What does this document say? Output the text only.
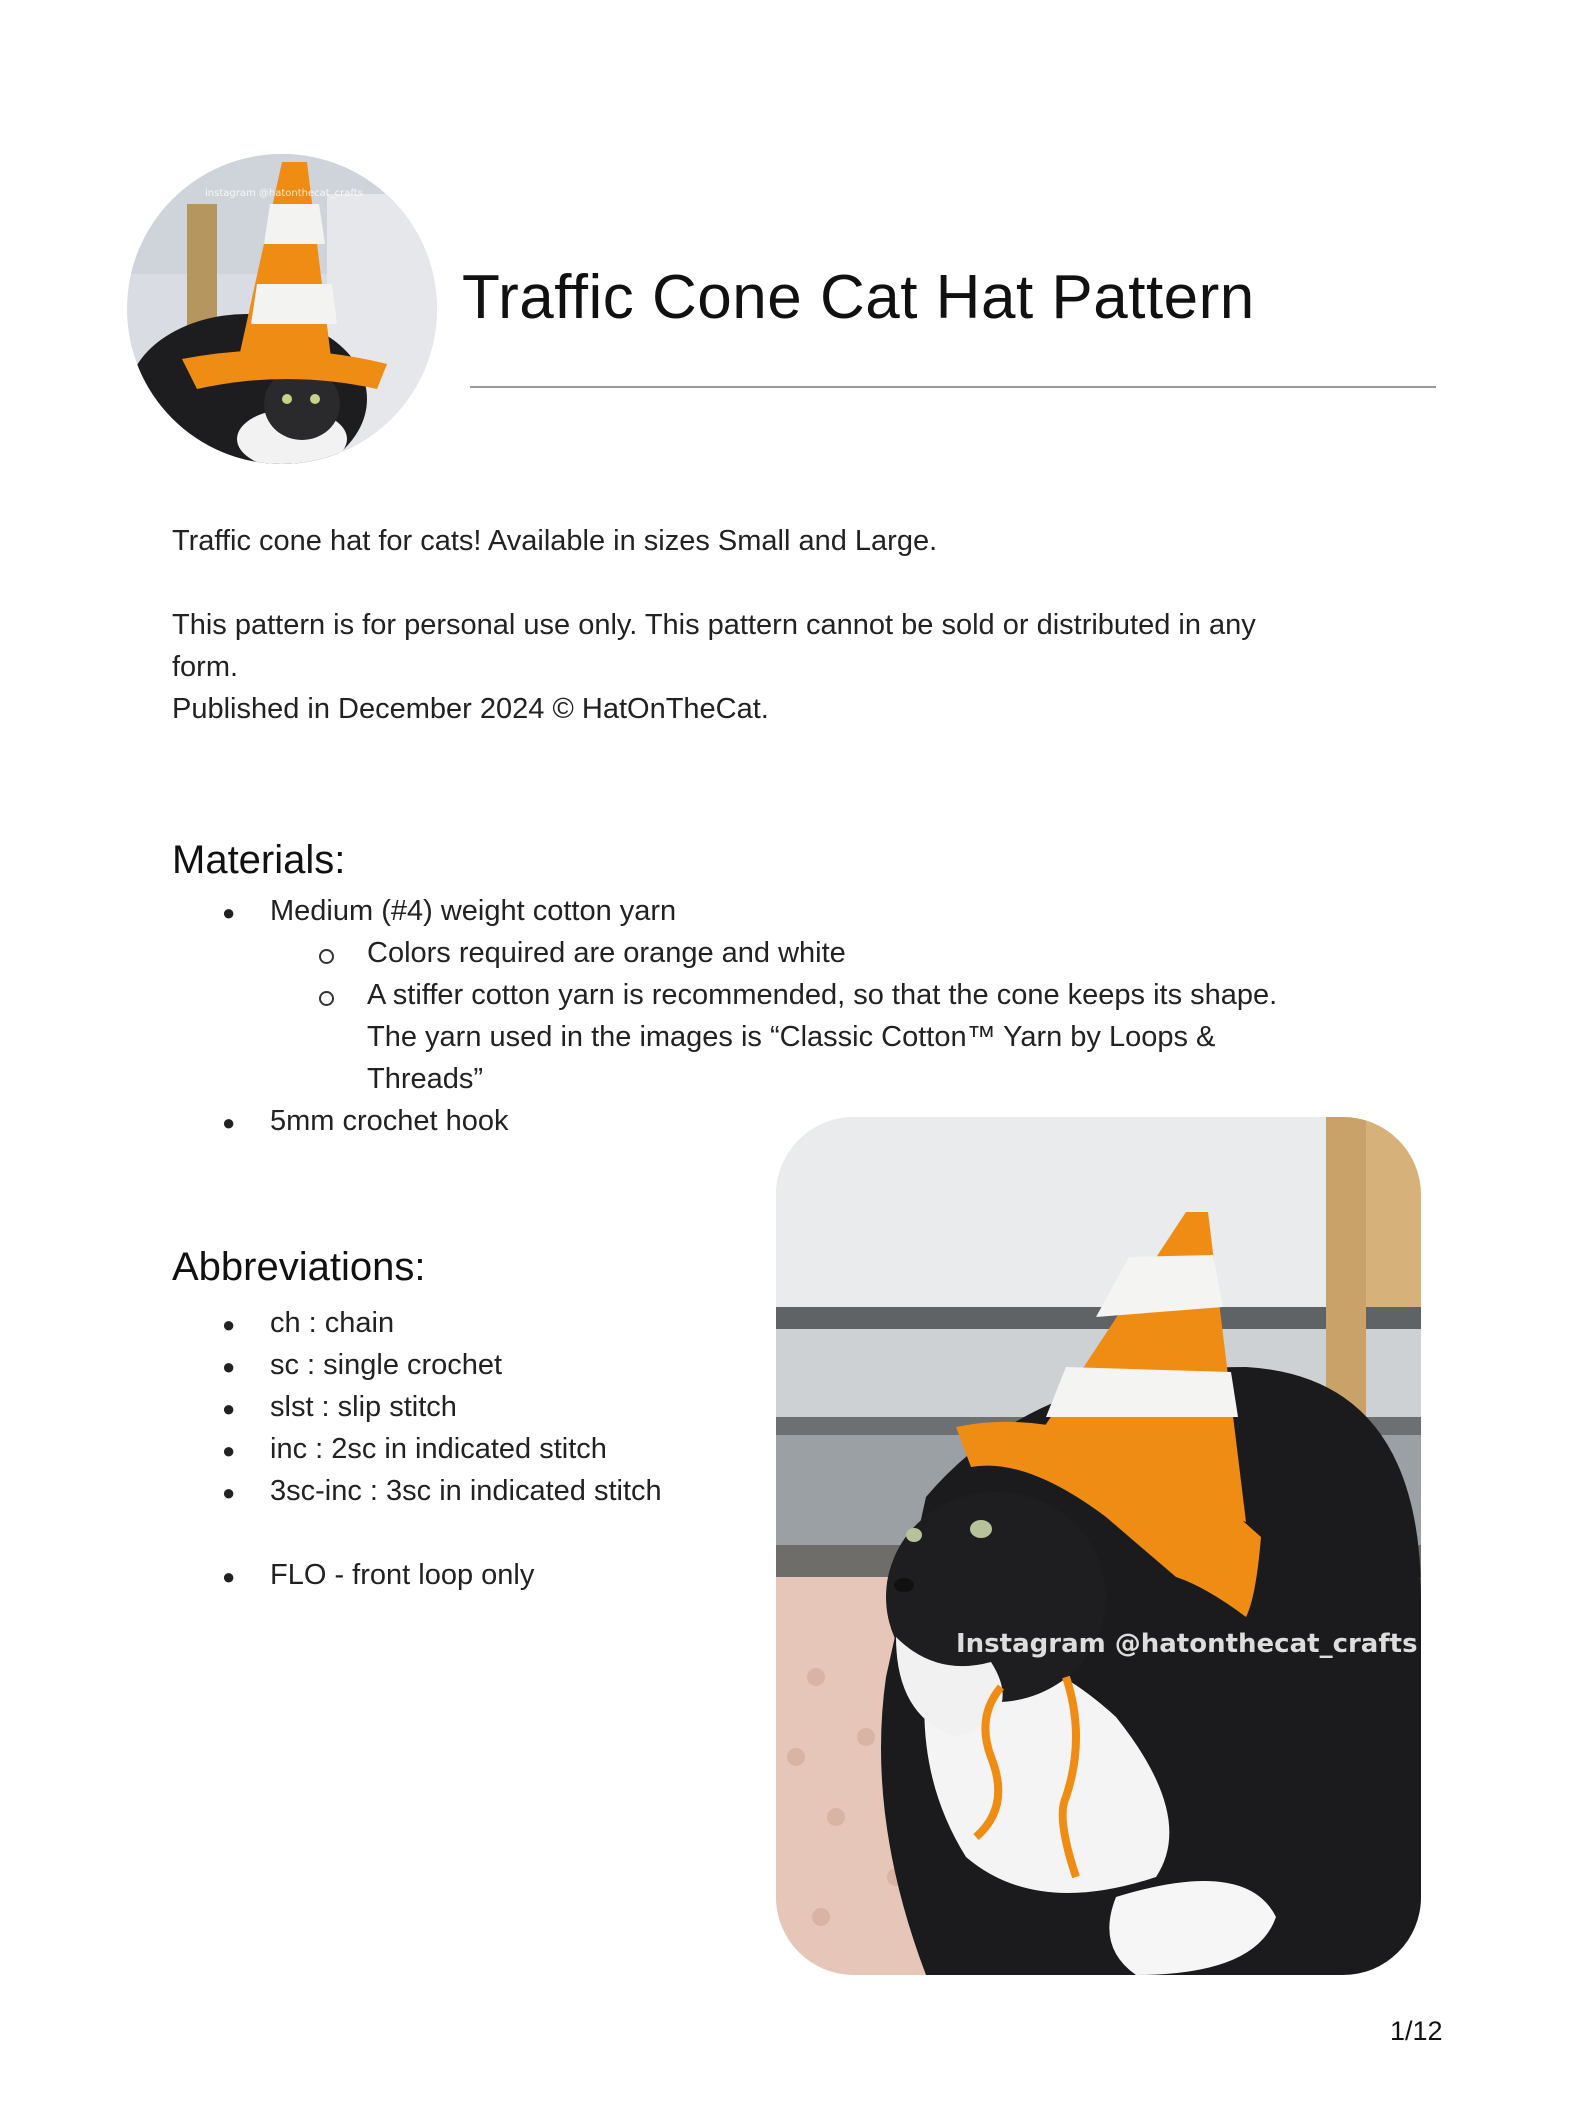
instagram @hatonthecat_crafts
Traffic Cone Cat Hat Pattern
Traffic cone hat for cats! Available in sizes Small and Large.
This pattern is for personal use only. This pattern cannot be sold or distributed in any
form.
Published in December 2024 © HatOnTheCat.
Materials:
● Medium (#4) weight cotton yarn
Colors required are orange and white
A stiffer cotton yarn is recommended, so that the cone keeps its shape.
The yarn used in the images is “Classic Cotton™ Yarn by Loops &
Threads”
● 5mm crochet hook
Abbreviations:
● ch : chain
● sc : single crochet
● slst : slip stitch
● inc : 2sc in indicated stitch
● 3sc-inc : 3sc in indicated stitch
● FLO - front loop only
Instagram @hatonthecat_crafts
1/12
